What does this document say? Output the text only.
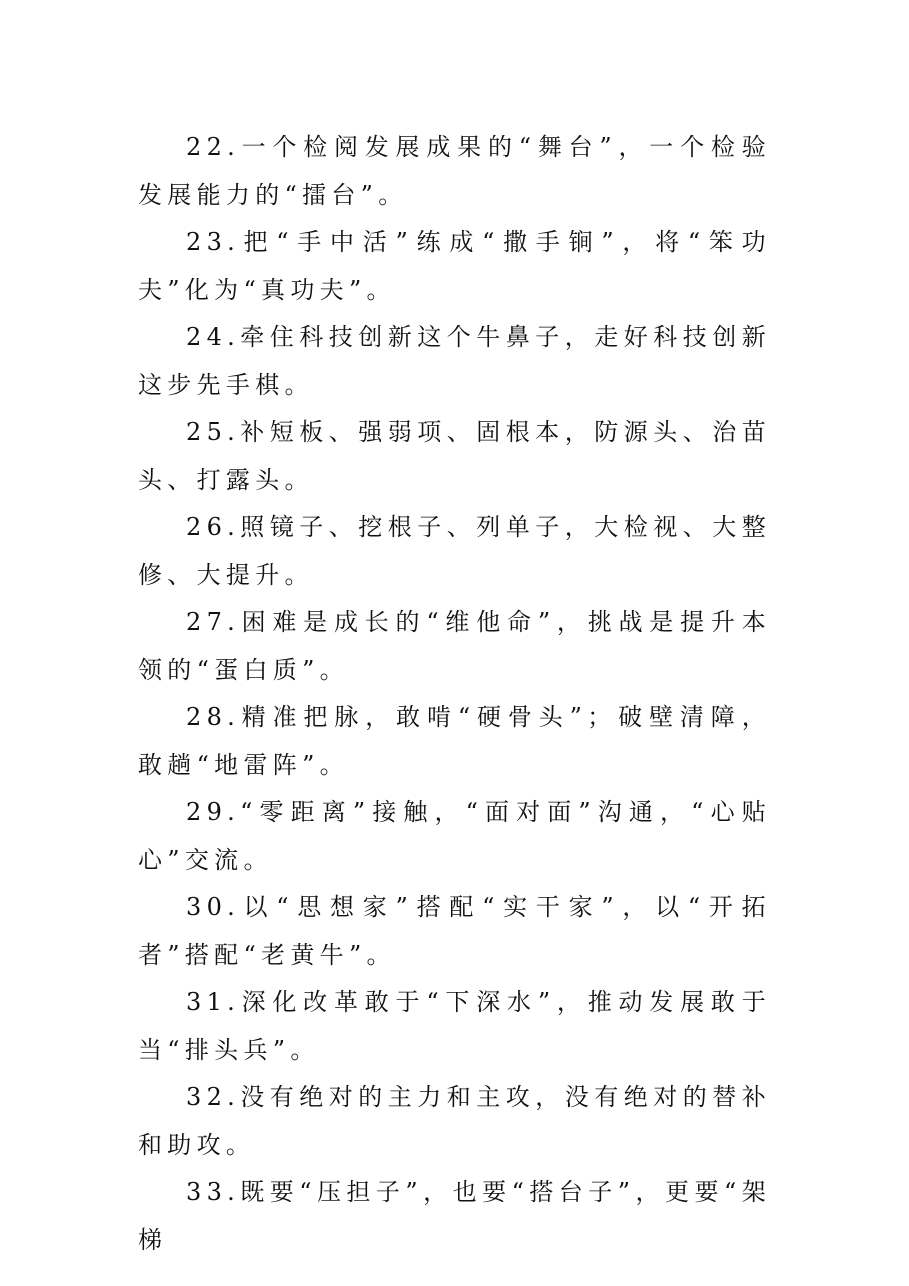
22.一个检阅发展成果的“舞台”，一个检验发展能力的“擂台”。

23.把“手中活”练成“撒手锏”，将“笨功夫”化为“真功夫”。

24.牵住科技创新这个牛鼻子，走好科技创新这步先手棋。

25.补短板、强弱项、固根本，防源头、治苗头、打露头。

26.照镜子、挖根子、列单子，大检视、大整修、大提升。

27.困难是成长的“维他命”，挑战是提升本领的“蛋白质”。

28.精准把脉，敢啃“硬骨头”；破壁清障，敢趟“地雷阵”。

29.“零距离”接触，“面对面”沟通，“心贴心”交流。

30.以“思想家”搭配“实干家”，以“开拓者”搭配“老黄牛”。

31.深化改革敢于“下深水”，推动发展敢于当“排头兵”。

32.没有绝对的主力和主攻，没有绝对的替补和助攻。

33.既要“压担子”，也要“搭台子”，更要“架梯
